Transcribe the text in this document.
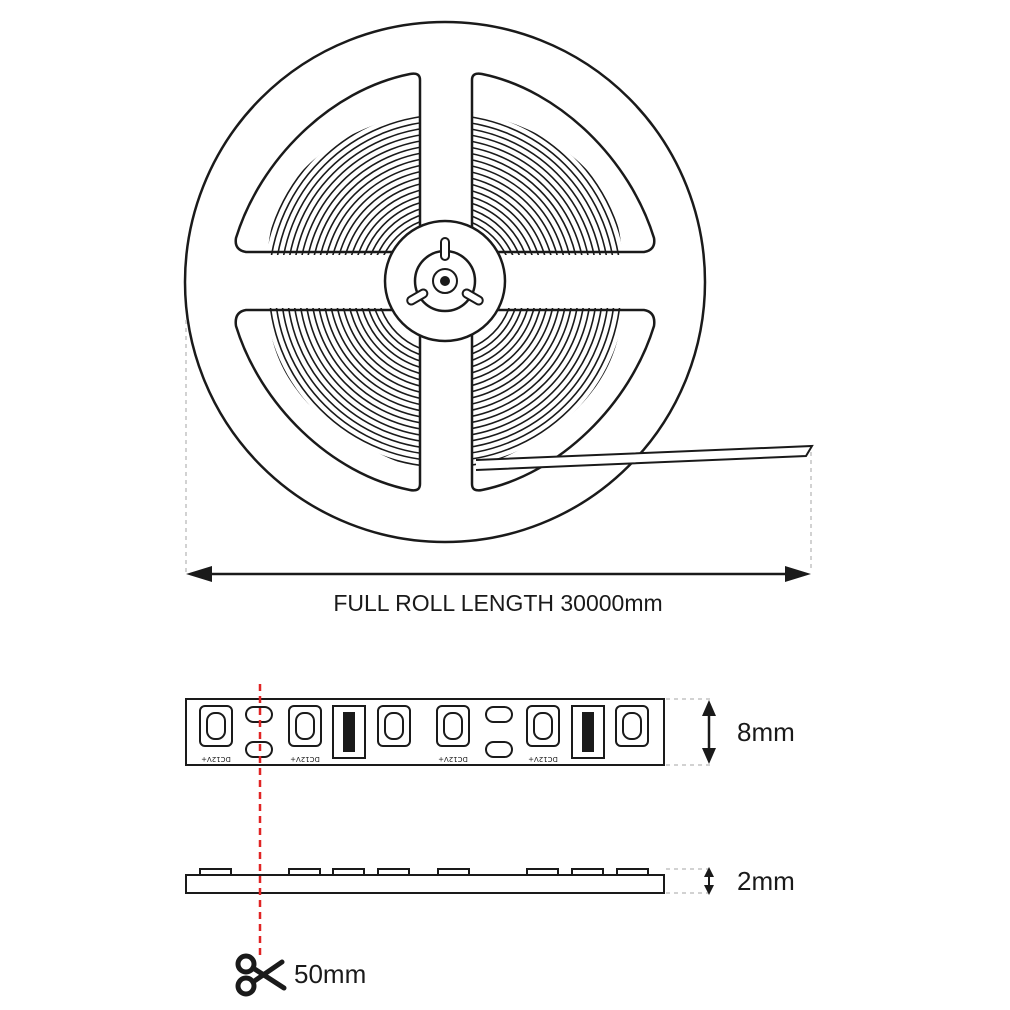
FULL ROLL LENGTH 30000mm
DC12V+	DC12V+	DC12V+	DC12V+
8mm
2mm
50mm
